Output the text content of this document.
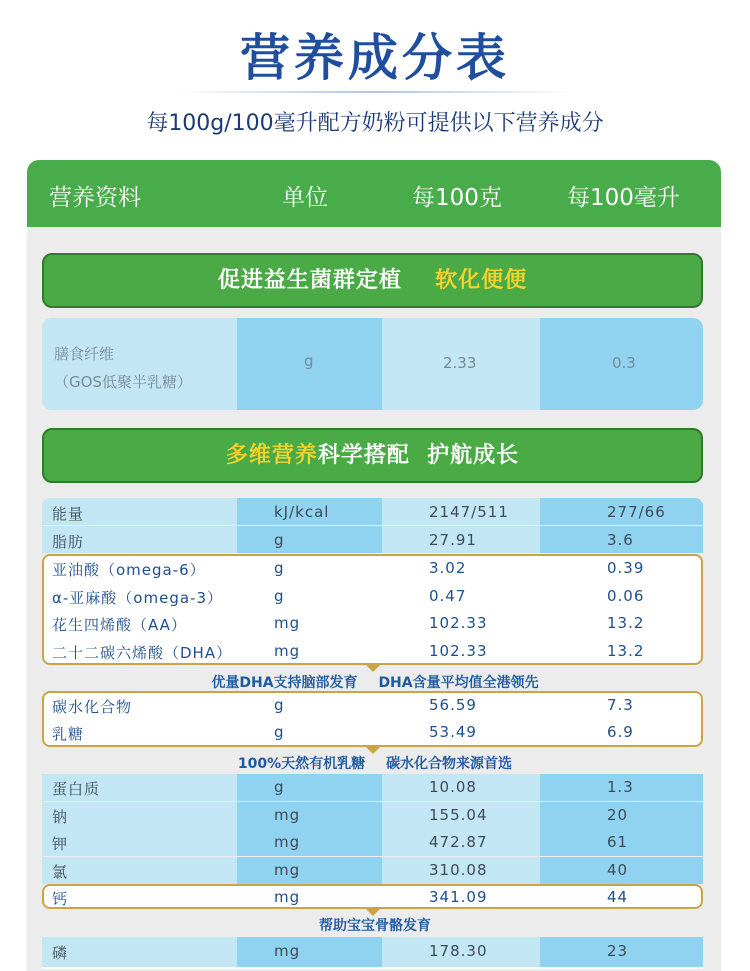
营养成分表
每100g/100毫升配方奶粉可提供以下营养成分
营养资料	单位	每100克	每100毫升
促进益生菌群定植 软化便便
膳食纤维
（GOS低聚半乳糖）
g	2.33	0.3
多维营养科学搭配  护航成长
能量	kJ/kcal	2147/511	277/66
脂肪	g	27.91	3.6
亚油酸（omega-6）	g	3.02	0.39
α-亚麻酸（omega-3）	g	0.47	0.06
花生四烯酸（AA）	mg	102.33	13.2
二十二碳六烯酸（DHA）	mg	102.33	13.2
优量DHA支持脑部发育 DHA含量平均值全港领先
碳水化合物	g	56.59	7.3
乳糖	g	53.49	6.9
100%天然有机乳糖 碳水化合物来源首选
蛋白质	g	10.08	1.3
钠	mg	155.04	20
钾	mg	472.87	61
氯	mg	310.08	40
钙	mg	341.09	44
帮助宝宝骨骼发育
磷	mg	178.30	23
